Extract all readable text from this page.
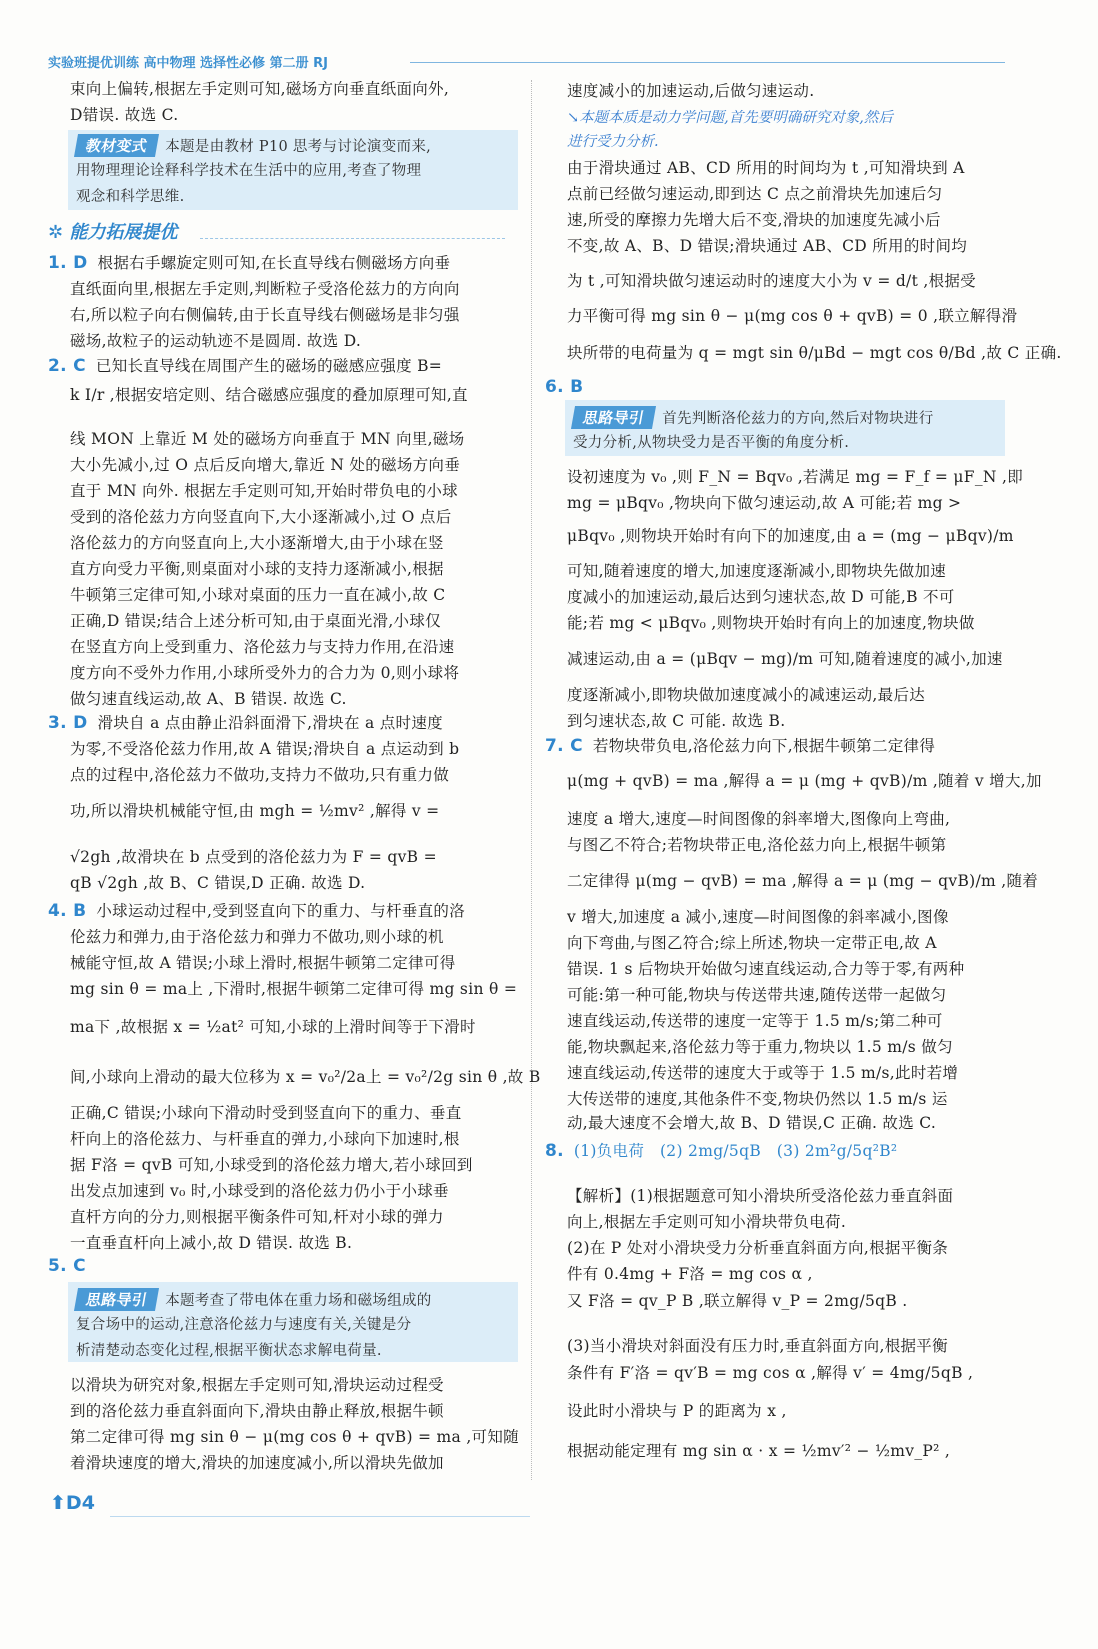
实验班提优训练 高中物理 选择性必修 第二册 RJ
✲ 能力拓展提优
束向上偏转,根据左手定则可知,磁场方向垂直纸面向外,
D错误. 故选 C.
教材变式 本题是由教材 P10 思考与讨论演变而来,
用物理理论诠释科学技术在生活中的应用,考查了物理
观念和科学思维.
1. D 根据右手螺旋定则可知,在长直导线右侧磁场方向垂
直纸面向里,根据左手定则,判断粒子受洛伦兹力的方向向
右,所以粒子向右侧偏转,由于长直导线右侧磁场是非匀强
磁场,故粒子的运动轨迹不是圆周. 故选 D.
2. C 已知长直导线在周围产生的磁场的磁感应强度 B=
k I/r ,根据安培定则、结合磁感应强度的叠加原理可知,直
线 MON 上靠近 M 处的磁场方向垂直于 MN 向里,磁场
大小先减小,过 O 点后反向增大,靠近 N 处的磁场方向垂
直于 MN 向外. 根据左手定则可知,开始时带负电的小球
受到的洛伦兹力方向竖直向下,大小逐渐减小,过 O 点后
洛伦兹力的方向竖直向上,大小逐渐增大,由于小球在竖
直方向受力平衡,则桌面对小球的支持力逐渐减小,根据
牛顿第三定律可知,小球对桌面的压力一直在减小,故 C
正确,D 错误;结合上述分析可知,由于桌面光滑,小球仅
在竖直方向上受到重力、洛伦兹力与支持力作用,在沿速
度方向不受外力作用,小球所受外力的合力为 0,则小球将
做匀速直线运动,故 A、B 错误. 故选 C.
3. D 滑块自 a 点由静止沿斜面滑下,滑块在 a 点时速度
为零,不受洛伦兹力作用,故 A 错误;滑块自 a 点运动到 b
点的过程中,洛伦兹力不做功,支持力不做功,只有重力做
功,所以滑块机械能守恒,由 mgh = ½mv² ,解得 v =
√2gh ,故滑块在 b 点受到的洛伦兹力为 F = qvB =
qB √2gh ,故 B、C 错误,D 正确. 故选 D.
4. B 小球运动过程中,受到竖直向下的重力、与杆垂直的洛
伦兹力和弹力,由于洛伦兹力和弹力不做功,则小球的机
械能守恒,故 A 错误;小球上滑时,根据牛顿第二定律可得
mg sin θ = ma上 ,下滑时,根据牛顿第二定律可得 mg sin θ =
ma下 ,故根据 x = ½at² 可知,小球的上滑时间等于下滑时
间,小球向上滑动的最大位移为 x = v₀²/2a上 = v₀²/2g sin θ ,故 B
正确,C 错误;小球向下滑动时受到竖直向下的重力、垂直
杆向上的洛伦兹力、与杆垂直的弹力,小球向下加速时,根
据 F洛 = qvB 可知,小球受到的洛伦兹力增大,若小球回到
出发点加速到 v₀ 时,小球受到的洛伦兹力仍小于小球垂
直杆方向的分力,则根据平衡条件可知,杆对小球的弹力
一直垂直杆向上减小,故 D 错误. 故选 B.
5. C
思路导引 本题考查了带电体在重力场和磁场组成的
复合场中的运动,注意洛伦兹力与速度有关,关键是分
析清楚动态变化过程,根据平衡状态求解电荷量.
以滑块为研究对象,根据左手定则可知,滑块运动过程受
到的洛伦兹力垂直斜面向下,滑块由静止释放,根据牛顿
第二定律可得 mg sin θ − μ(mg cos θ + qvB) = ma ,可知随
着滑块速度的增大,滑块的加速度减小,所以滑块先做加
速度减小的加速运动,后做匀速运动.
↘本题本质是动力学问题,首先要明确研究对象,然后
进行受力分析.
由于滑块通过 AB、CD 所用的时间均为 t ,可知滑块到 A
点前已经做匀速运动,即到达 C 点之前滑块先加速后匀
速,所受的摩擦力先增大后不变,滑块的加速度先减小后
不变,故 A、B、D 错误;滑块通过 AB、CD 所用的时间均
为 t ,可知滑块做匀速运动时的速度大小为 v = d/t ,根据受
力平衡可得 mg sin θ − μ(mg cos θ + qvB) = 0 ,联立解得滑
块所带的电荷量为 q = mgt sin θ/μBd − mgt cos θ/Bd ,故 C 正确.
6. B
思路导引 首先判断洛伦兹力的方向,然后对物块进行
受力分析,从物块受力是否平衡的角度分析.
设初速度为 v₀ ,则 F_N = Bqv₀ ,若满足 mg = F_f = μF_N ,即
mg = μBqv₀ ,物块向下做匀速运动,故 A 可能;若 mg >
μBqv₀ ,则物块开始时有向下的加速度,由 a = (mg − μBqv)/m
可知,随着速度的增大,加速度逐渐减小,即物块先做加速
度减小的加速运动,最后达到匀速状态,故 D 可能,B 不可
能;若 mg < μBqv₀ ,则物块开始时有向上的加速度,物块做
减速运动,由 a = (μBqv − mg)/m 可知,随着速度的减小,加速
度逐渐减小,即物块做加速度减小的减速运动,最后达
到匀速状态,故 C 可能. 故选 B.
7. C 若物块带负电,洛伦兹力向下,根据牛顿第二定律得
μ(mg + qvB) = ma ,解得 a = μ (mg + qvB)/m ,随着 v 增大,加
速度 a 增大,速度—时间图像的斜率增大,图像向上弯曲,
与图乙不符合;若物块带正电,洛伦兹力向上,根据牛顿第
二定律得 μ(mg − qvB) = ma ,解得 a = μ (mg − qvB)/m ,随着
v 增大,加速度 a 减小,速度—时间图像的斜率减小,图像
向下弯曲,与图乙符合;综上所述,物块一定带正电,故 A
错误. 1 s 后物块开始做匀速直线运动,合力等于零,有两种
可能:第一种可能,物块与传送带共速,随传送带一起做匀
速直线运动,传送带的速度一定等于 1.5 m/s;第二种可
能,物块飘起来,洛伦兹力等于重力,物块以 1.5 m/s 做匀
速直线运动,传送带的速度大于或等于 1.5 m/s,此时若增
大传送带的速度,其他条件不变,物块仍然以 1.5 m/s 运
动,最大速度不会增大,故 B、D 错误,C 正确. 故选 C.
8. (1)负电荷　(2) 2mg/5qB　(3) 2m²g/5q²B²
【解析】(1)根据题意可知小滑块所受洛伦兹力垂直斜面
向上,根据左手定则可知小滑块带负电荷.
(2)在 P 处对小滑块受力分析垂直斜面方向,根据平衡条
件有 0.4mg + F洛 = mg cos α ,
又 F洛 = qv_P B ,联立解得 v_P = 2mg/5qB .
(3)当小滑块对斜面没有压力时,垂直斜面方向,根据平衡
条件有 F′洛 = qv′B = mg cos α ,解得 v′ = 4mg/5qB ,
设此时小滑块与 P 的距离为 x ,
根据动能定理有 mg sin α · x = ½mv′² − ½mv_P² ,
⬆D4
